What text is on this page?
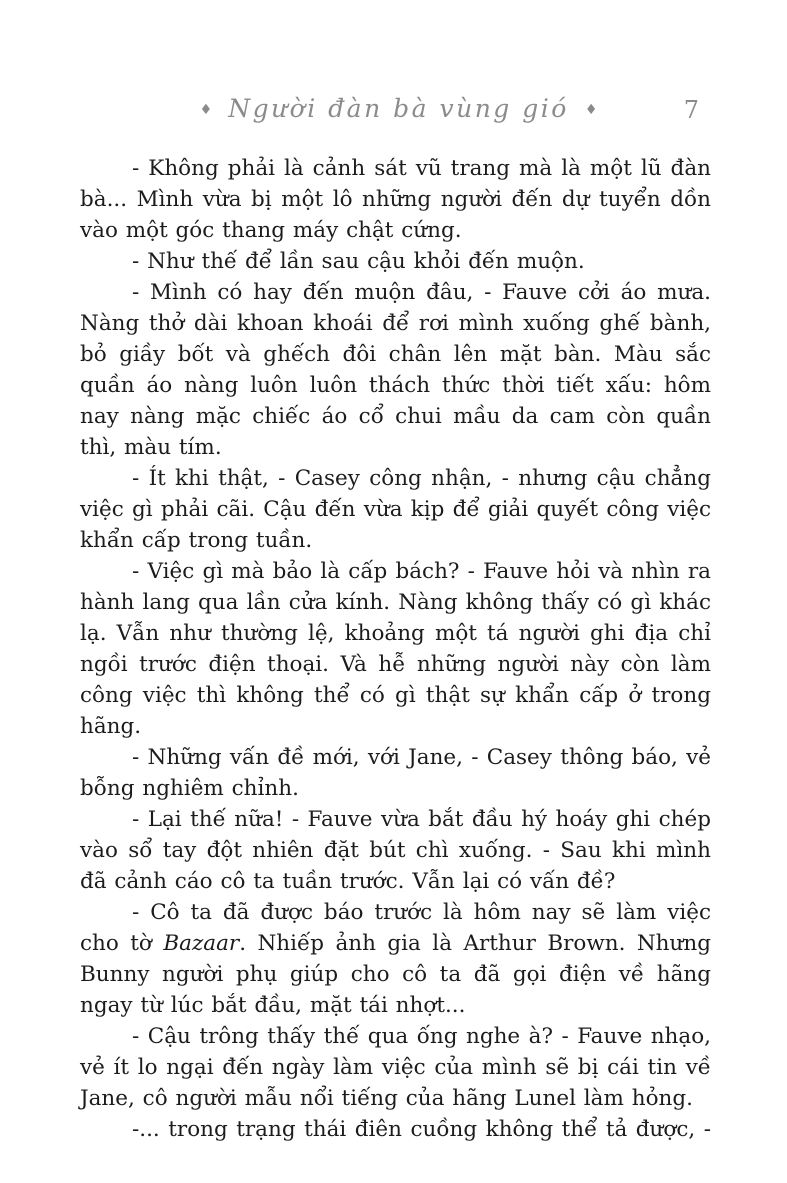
♦ Người đàn bà vùng gió ♦	7

- Không phải là cảnh sát vũ trang mà là một lũ đàn bà... Mình vừa bị một lô những người đến dự tuyển dồn vào một góc thang máy chật cứng.

- Như thế để lần sau cậu khỏi đến muộn.

- Mình có hay đến muộn đâu, - Fauve cởi áo mưa. Nàng thở dài khoan khoái để rơi mình xuống ghế bành, bỏ giầy bốt và ghếch đôi chân lên mặt bàn. Màu sắc quần áo nàng luôn luôn thách thức thời tiết xấu: hôm nay nàng mặc chiếc áo cổ chui mầu da cam còn quần thì, màu tím.

- Ít khi thật, - Casey công nhận, - nhưng cậu chẳng việc gì phải cãi. Cậu đến vừa kịp để giải quyết công việc khẩn cấp trong tuần.

- Việc gì mà bảo là cấp bách? - Fauve hỏi và nhìn ra hành lang qua lần cửa kính. Nàng không thấy có gì khác lạ. Vẫn như thường lệ, khoảng một tá người ghi địa chỉ ngồi trước điện thoại. Và hễ những người này còn làm công việc thì không thể có gì thật sự khẩn cấp ở trong hãng.

- Những vấn đề mới, với Jane, - Casey thông báo, vẻ bỗng nghiêm chỉnh.

- Lại thế nữa! - Fauve vừa bắt đầu hý hoáy ghi chép vào sổ tay đột nhiên đặt bút chì xuống. - Sau khi mình đã cảnh cáo cô ta tuần trước. Vẫn lại có vấn đề?

- Cô ta đã được báo trước là hôm nay sẽ làm việc cho tờ Bazaar. Nhiếp ảnh gia là Arthur Brown. Nhưng Bunny người phụ giúp cho cô ta đã gọi điện về hãng ngay từ lúc bắt đầu, mặt tái nhợt...

- Cậu trông thấy thế qua ống nghe à? - Fauve nhạo, vẻ ít lo ngại đến ngày làm việc của mình sẽ bị cái tin về Jane, cô người mẫu nổi tiếng của hãng Lunel làm hỏng.

-... trong trạng thái điên cuồng không thể tả được, -
